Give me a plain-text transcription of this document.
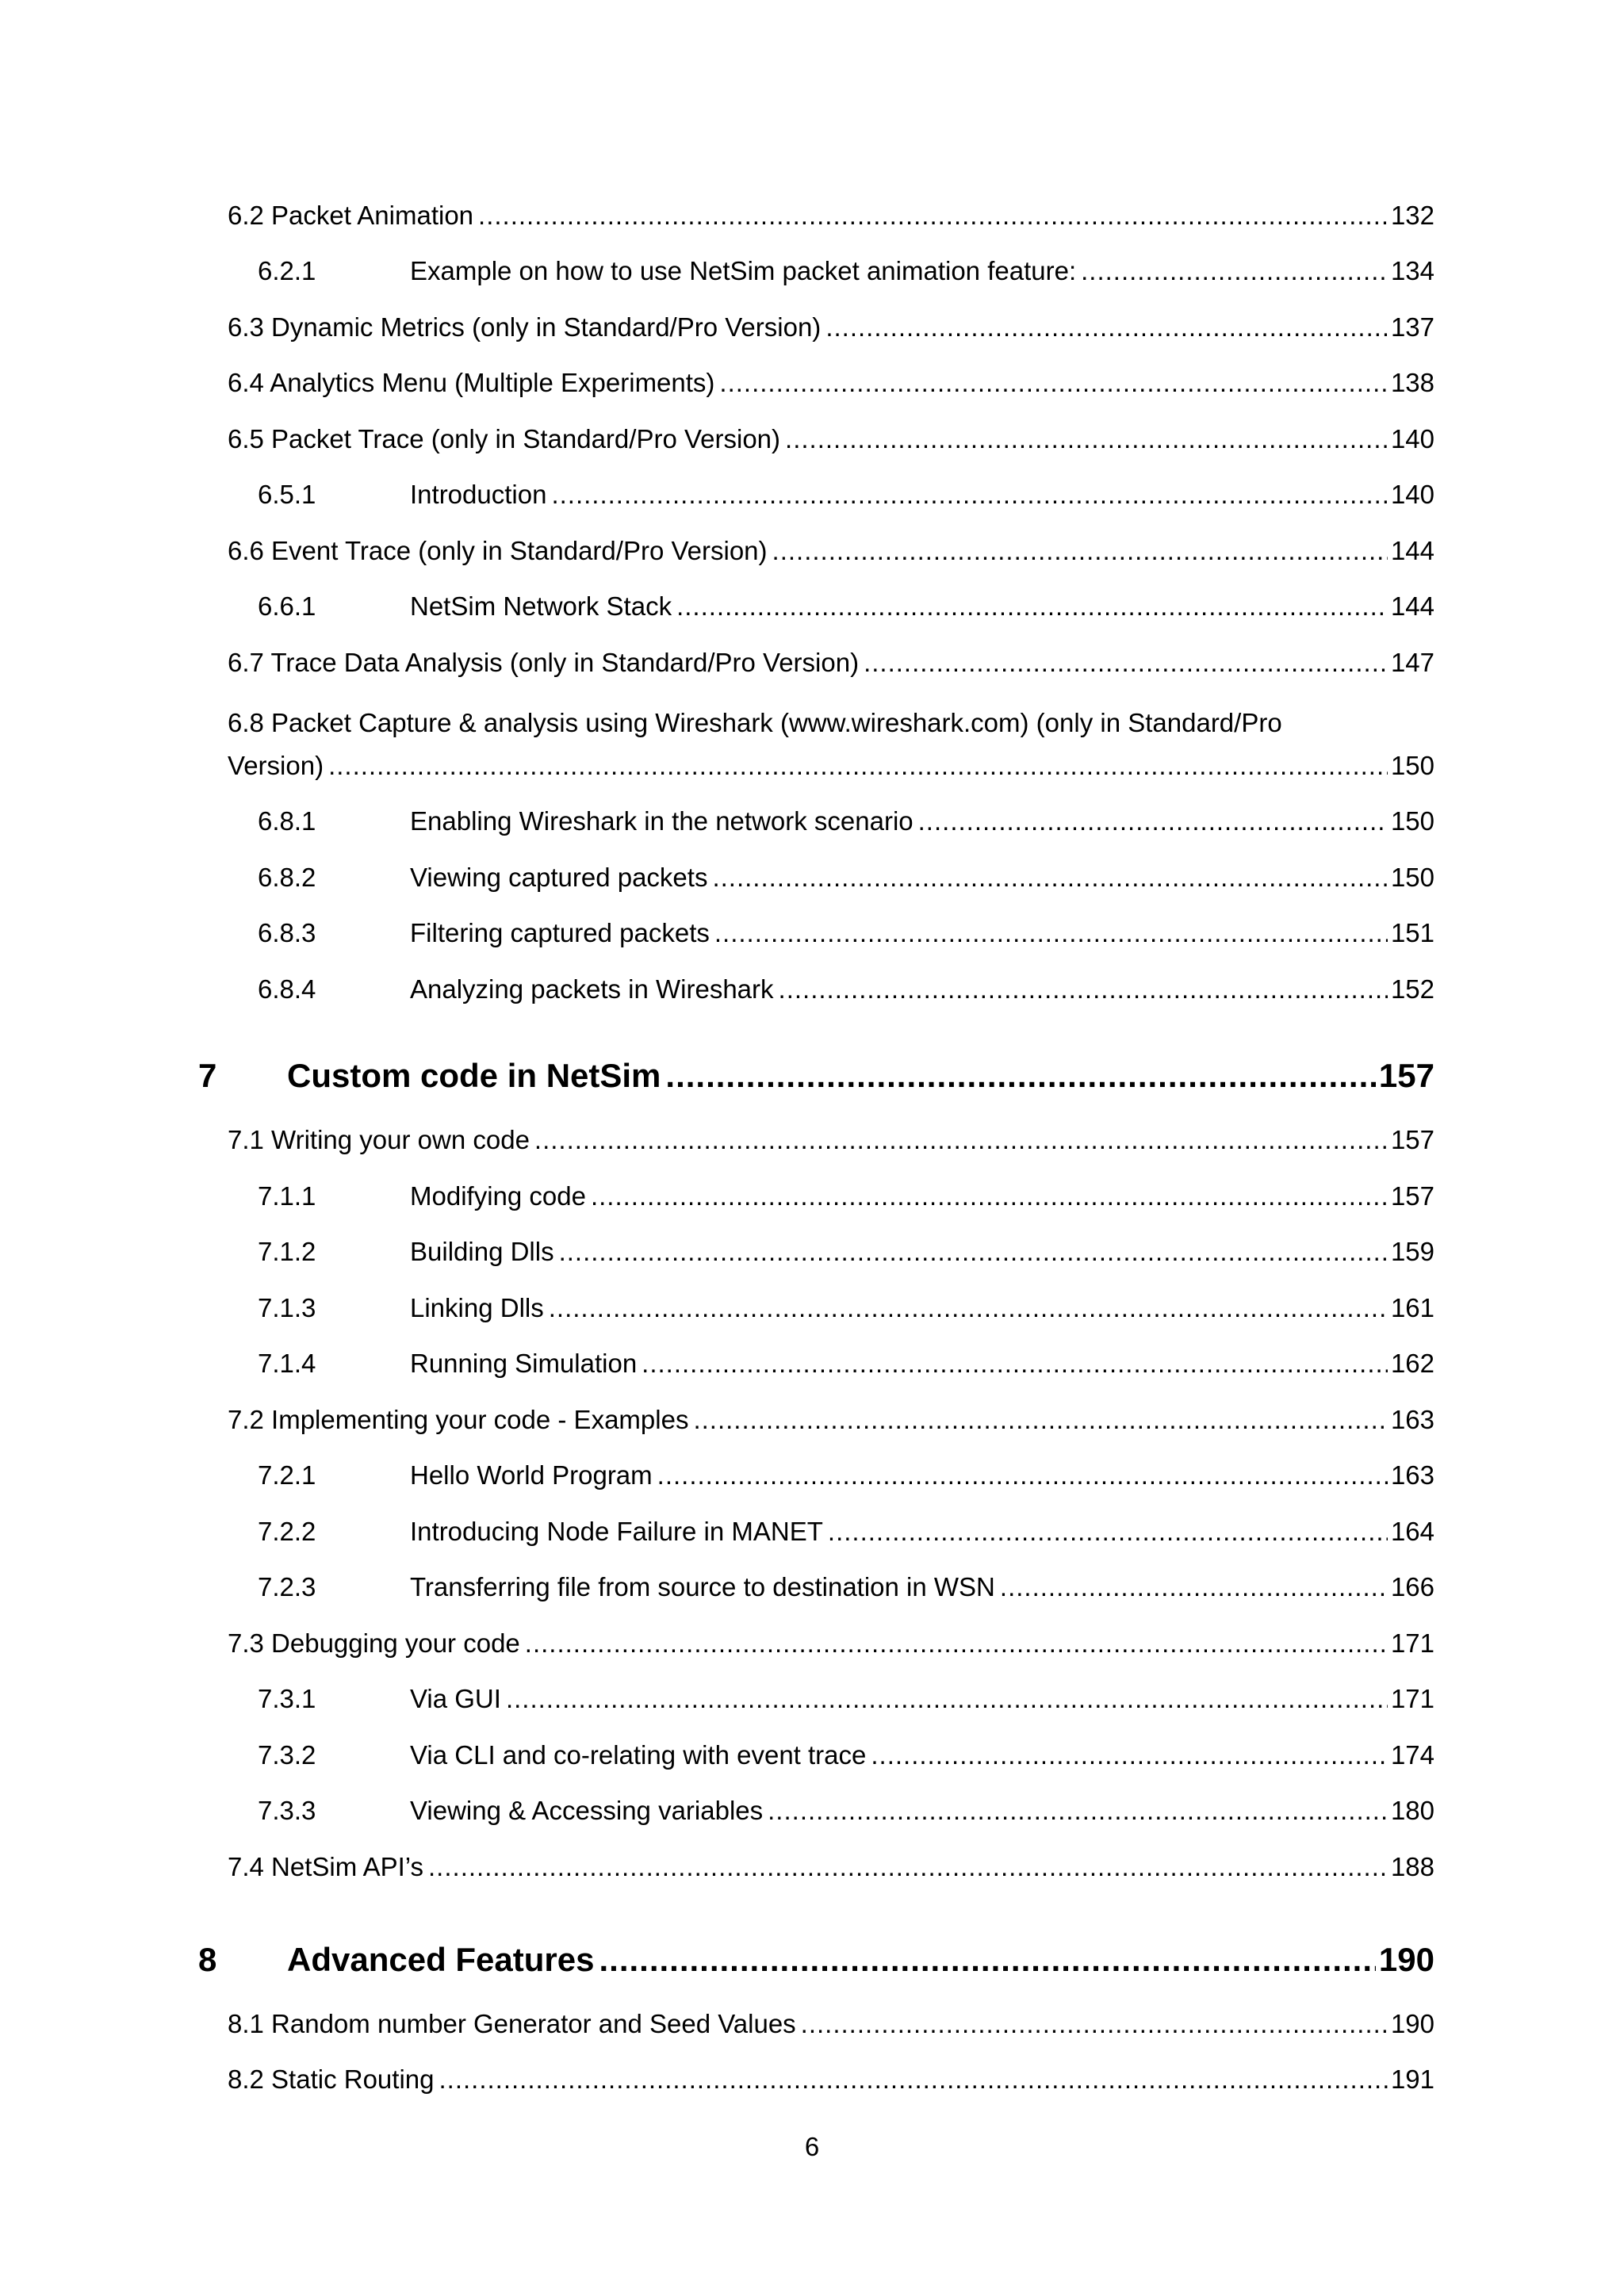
6.2 Packet Animation .....	132
6.2.1	Example on how to use NetSim packet animation feature: .....	134
6.3 Dynamic Metrics (only in Standard/Pro Version) .....	137
6.4 Analytics Menu (Multiple Experiments) .....	138
6.5 Packet Trace (only in Standard/Pro Version) .....	140
6.5.1	Introduction .....	140
6.6 Event Trace (only in Standard/Pro Version) .....	144
6.6.1	NetSim Network Stack .....	144
6.7 Trace Data Analysis (only in Standard/Pro Version) .....	147
6.8 Packet Capture & analysis using Wireshark (www.wireshark.com) (only in Standard/Pro
Version) .....	150
6.8.1	Enabling Wireshark in the network scenario .....	150
6.8.2	Viewing captured packets .....	150
6.8.3	Filtering captured packets .....	151
6.8.4	Analyzing packets in Wireshark .....	152
7	Custom code in NetSim .....	157
7.1 Writing your own code .....	157
7.1.1	Modifying code .....	157
7.1.2	Building Dlls .....	159
7.1.3	Linking Dlls .....	161
7.1.4	Running Simulation .....	162
7.2 Implementing your code - Examples .....	163
7.2.1	Hello World Program .....	163
7.2.2	Introducing Node Failure in MANET .....	164
7.2.3	Transferring file from source to destination in WSN .....	166
7.3 Debugging your code .....	171
7.3.1	Via GUI .....	171
7.3.2	Via CLI and co-relating with event trace .....	174
7.3.3	Viewing & Accessing variables .....	180
7.4 NetSim API’s .....	188
8	Advanced Features .....	190
8.1 Random number Generator and Seed Values .....	190
8.2 Static Routing .....	191
6
